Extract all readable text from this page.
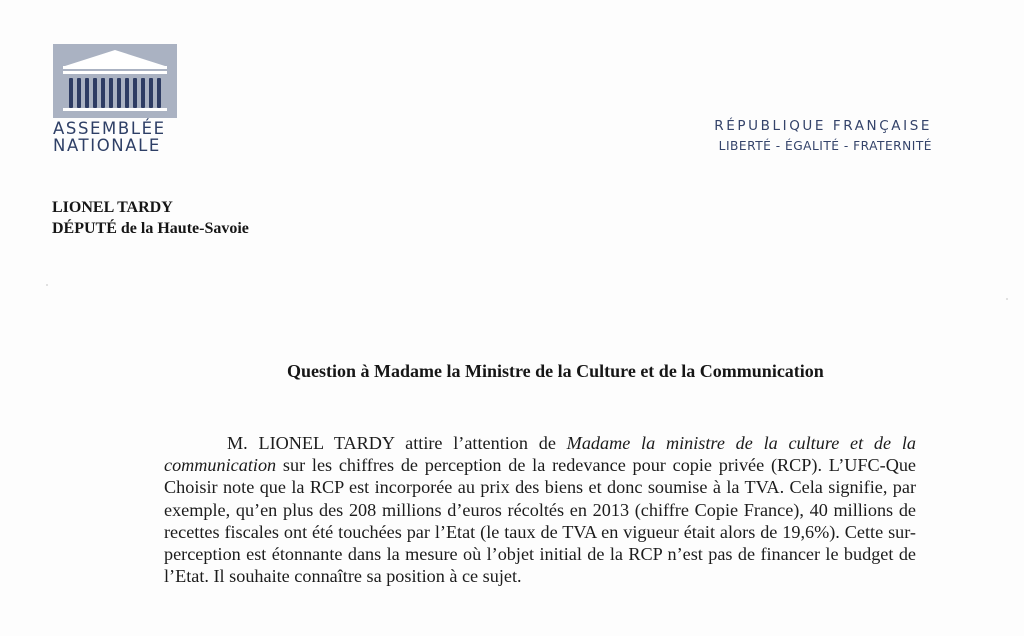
ASSEMBLÉE
NATIONALE
RÉPUBLIQUE FRANÇAISE
LIBERTÉ - ÉGALITÉ - FRATERNITÉ
LIONEL TARDY
DÉPUTÉ de la Haute-Savoie
Question à Madame la Ministre de la Culture et de la Communication
M. LIONEL TARDY attire l’attention de Madame la ministre de la culture et de la communication sur les chiffres de perception de la redevance pour copie privée (RCP). L’UFC-Que Choisir note que la RCP est incorporée au prix des biens et donc soumise à la TVA. Cela signifie, par exemple, qu’en plus des 208 millions d’euros récoltés en 2013 (chiffre Copie France), 40 millions de recettes fiscales ont été touchées par l’Etat (le taux de TVA en vigueur était alors de 19,6%). Cette sur-perception est étonnante dans la mesure où l’objet initial de la RCP n’est pas de financer le budget de l’Etat. Il souhaite connaître sa position à ce sujet.
